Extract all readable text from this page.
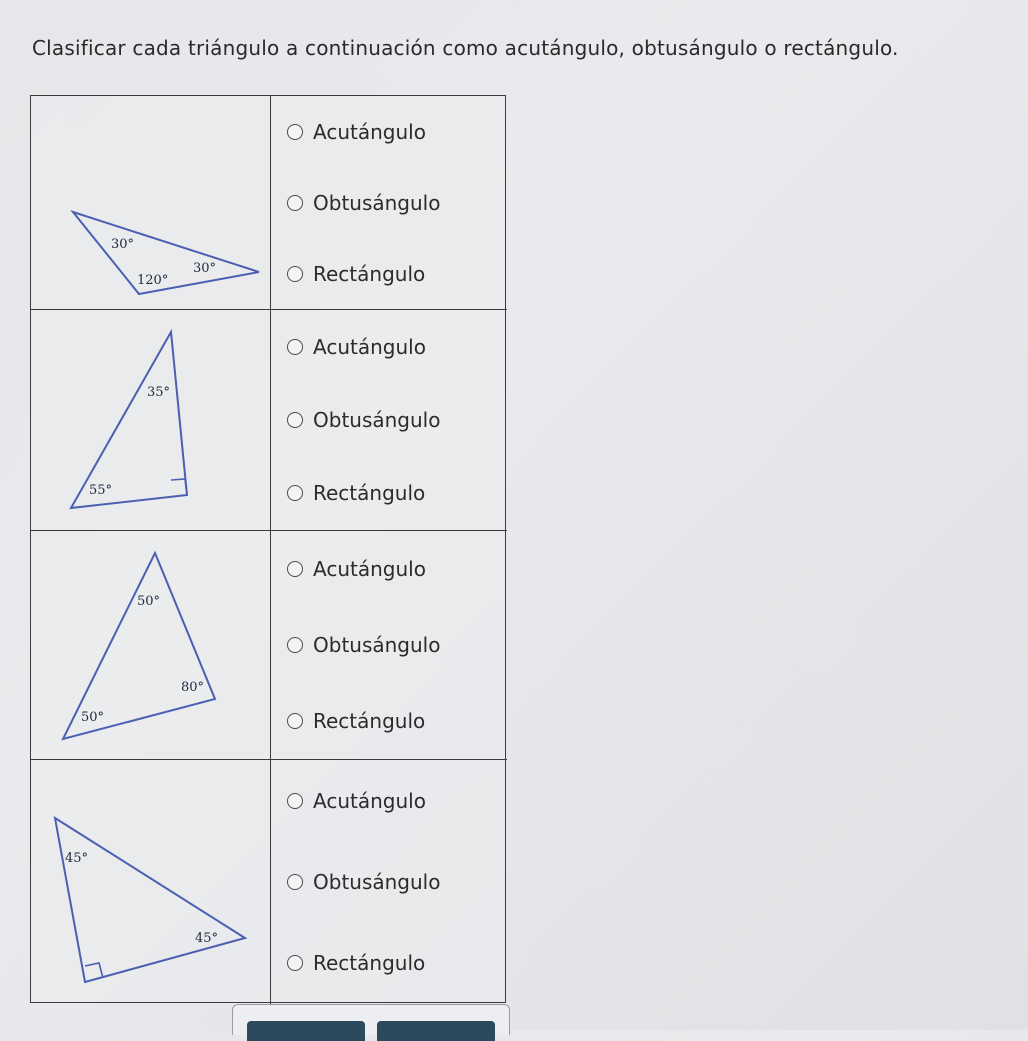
Clasificar cada triángulo a continuación como acutángulo, obtusángulo o rectángulo.
30°
120°
30°
Acutángulo
Obtusángulo
Rectángulo
35°
55°
Acutángulo
Obtusángulo
Rectángulo
50°
80°
50°
Acutángulo
Obtusángulo
Rectángulo
45°
45°
Acutángulo
Obtusángulo
Rectángulo
